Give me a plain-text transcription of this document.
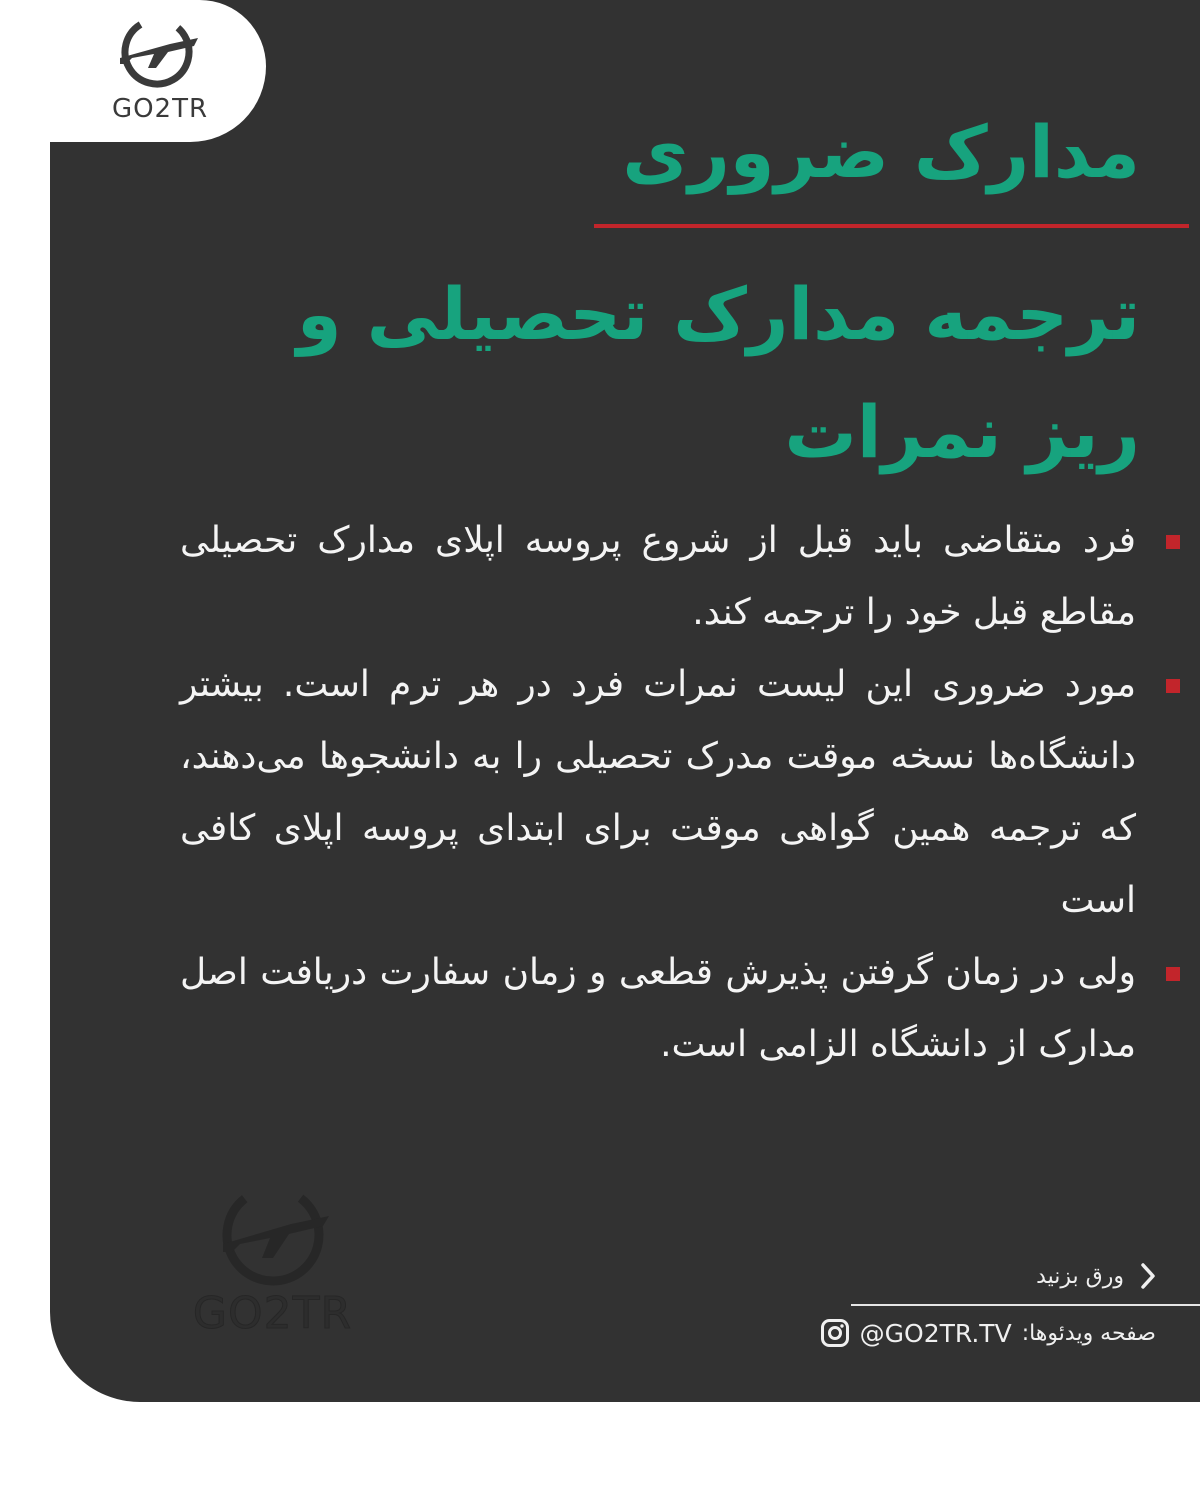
GO2TR
مدارک ضروری
ترجمه مدارک تحصیلی و ریز نمرات
فرد متقاضی باید قبل از شروع پروسه اپلای مدارک تحصیلی مقاطع قبل خود را ترجمه کند.
مورد ضروری این لیست نمرات فرد در هر ترم است. بیشتر دانشگاه‌ها نسخه موقت مدرک تحصیلی را به دانشجوها می‌دهند، که ترجمه همین گواهی موقت برای ابتدای پروسه اپلای کافی است
ولی در زمان گرفتن پذیرش قطعی و زمان سفارت دریافت اصل مدارک از دانشگاه الزامی است.
GO2TR
ورق بزنید
صفحه ویدئوها:
@GO2TR.TV
